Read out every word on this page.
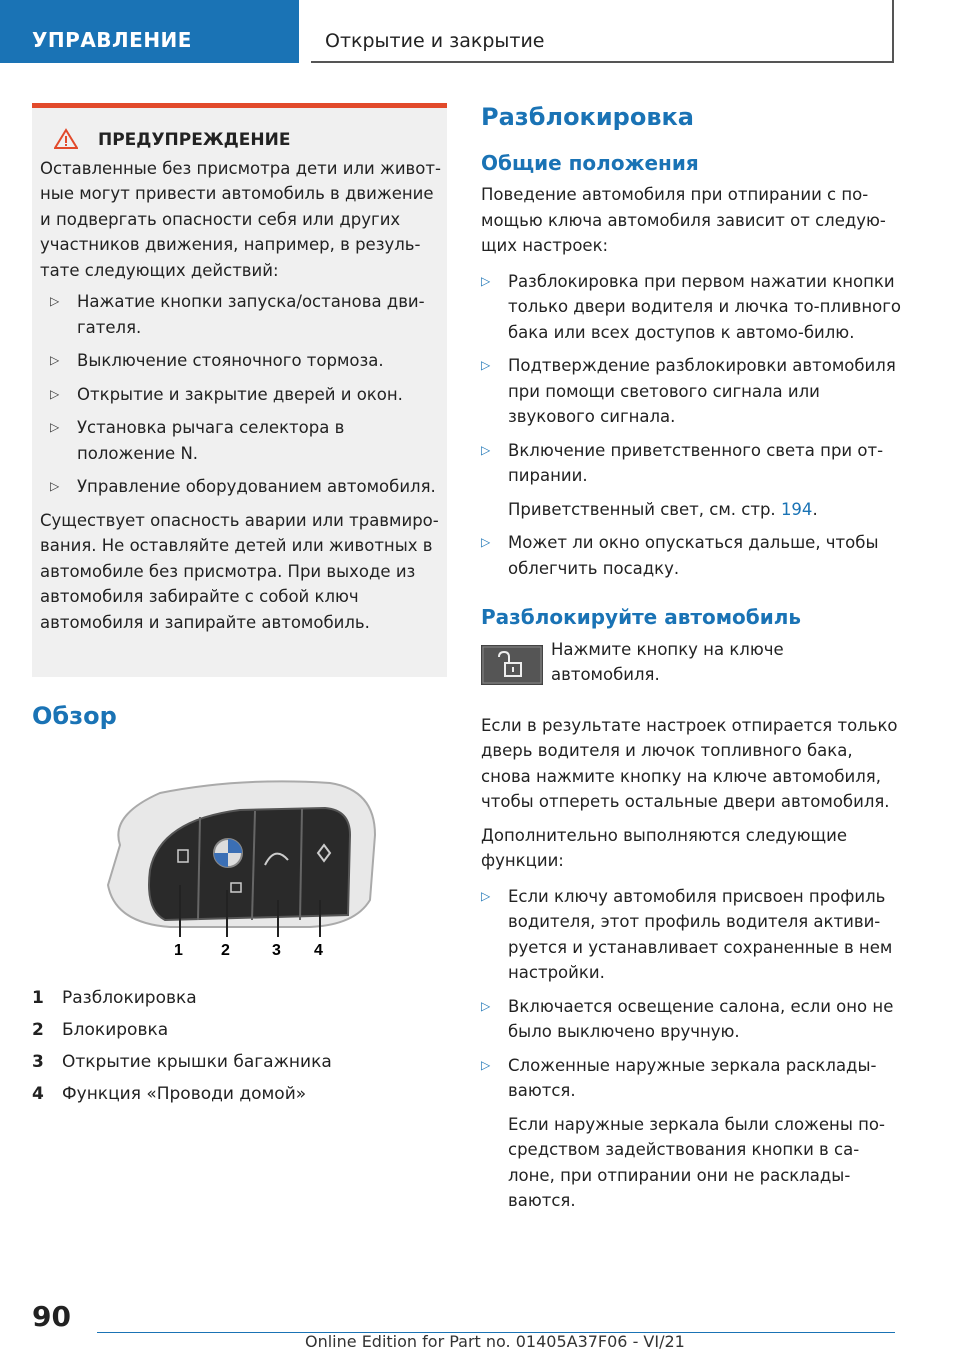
УПРАВЛЕНИЕ	Открытие и закрытие

ПРЕДУПРЕЖДЕНИЕ

Оставленные без присмотра дети или живот-ные могут привести автомобиль в движение и подвергать опасности себя или других участников движения, например, в резуль-тате следующих действий:

▷ Нажатие кнопки запуска/останова дви-гателя.
▷ Выключение стояночного тормоза.
▷ Открытие и закрытие дверей и окон.
▷ Установка рычага селектора в положение N.
▷ Управление оборудованием автомобиля.

Существует опасность аварии или травмиро-вания. Не оставляйте детей или животных в автомобиле без присмотра. При выходе из автомобиля забирайте с собой ключ автомобиля и запирайте автомобиль.

Обзор
1 2	3 4
1 Разблокировка
2 Блокировка
3 Открытие крышки багажника
4 Функция «Проводи домой»
Разблокировка
Общие положения

Поведение автомобиля при отпирании с по-мощью ключа автомобиля зависит от следую-щих настроек:

▷ Разблокировка при первом нажатии кнопки только двери водителя и лючка то-пливного бака или всех доступов к автомо-билю.
▷ Подтверждение разблокировки автомобиля при помощи светового сигнала или звукового сигнала.
▷ Включение приветственного света при от-пирании.
Приветственный свет, см. стр. 194.
▷ Может ли окно опускаться дальше, чтобы облегчить посадку.
Разблокируйте автомобиль

Нажмите кнопку на ключе автомобиля.

Если в результате настроек отпирается только дверь водителя и лючок топливного бака, снова нажмите кнопку на ключе автомобиля, чтобы отпереть остальные двери автомобиля.

Дополнительно выполняются следующие функции:

▷ Если ключу автомобиля присвоен профиль водителя, этот профиль водителя активи-руется и устанавливает сохраненные в нем настройки.
▷ Включается освещение салона, если оно не было выключено вручную.
▷ Сложенные наружные зеркала расклады-ваются.
Если наружные зеркала были сложены по-средством задействования кнопки в са-лоне, при отпирании они не расклады-ваются.
90
Online Edition for Part no. 01405A37F06 - VI/21
